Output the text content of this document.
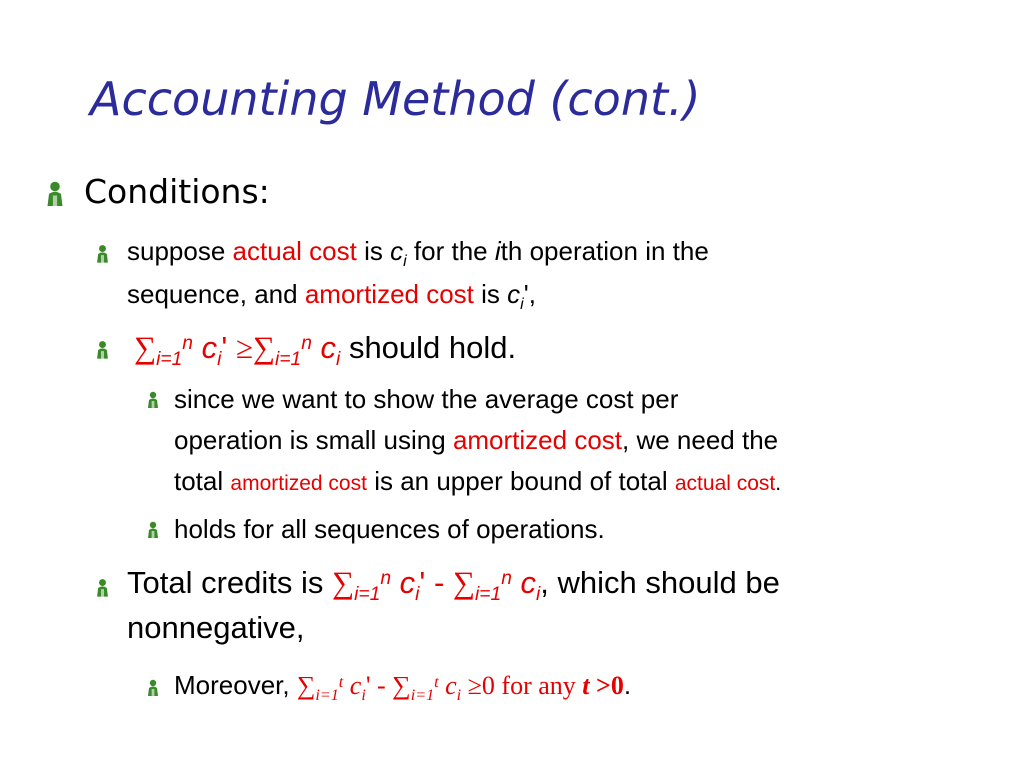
Accounting Method (cont.)
Conditions:
suppose actual cost is $c_i$ for the ith operation in the
sequence, and amortized cost is $c_i'$,
$\sum_{i=1}^n$ $c_i' \ge\sum_{i=1}^n$ $c_i$ should hold.
since we want to show the average cost per
operation is small using amortized cost, we need the
total amortized cost is an upper bound of total actual cost.
holds for all sequences of operations.
Total credits is $\sum_{i=1}^n$ $c_i' - \sum_{i=1}^n$ $c_i$, which should be
nonnegative,
Moreover, $\sum_{i=1}^t$ $c_i' - \sum_{i=1}^t$ $c_i \ge 0$ for any t >0.
